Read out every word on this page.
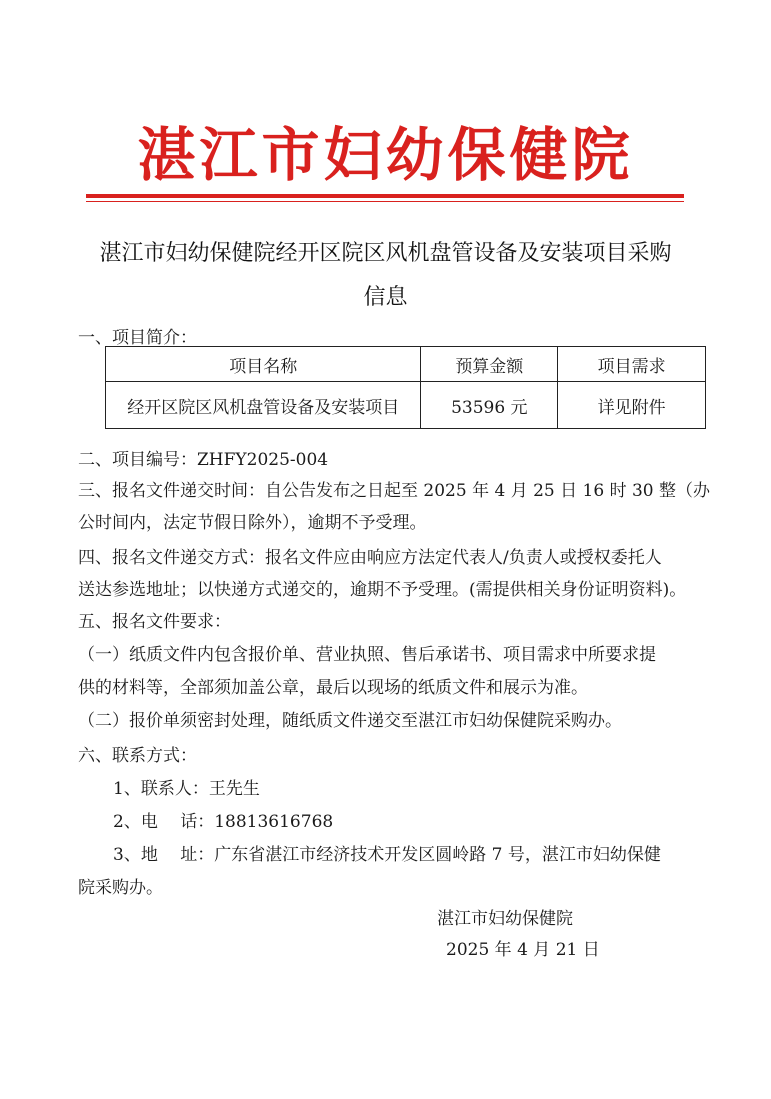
湛江市妇幼保健院
湛江市妇幼保健院经开区院区风机盘管设备及安装项目采购
信息
一、项目简介：
项目名称	预算金额	项目需求
经开区院区风机盘管设备及安装项目	53596 元	详见附件
二、项目编号：ZHFY2025-004
三、报名文件递交时间：自公告发布之日起至 2025 年 4 月 25 日 16 时 30 整（办
公时间内，法定节假日除外），逾期不予受理。
四、报名文件递交方式：报名文件应由响应方法定代表人/负责人或授权委托人
送达参选地址；以快递方式递交的，逾期不予受理。(需提供相关身份证明资料)。
五、报名文件要求：
（一）纸质文件内包含报价单、营业执照、售后承诺书、项目需求中所要求提
供的材料等，全部须加盖公章，最后以现场的纸质文件和展示为准。
（二）报价单须密封处理，随纸质文件递交至湛江市妇幼保健院采购办。
六、联系方式：
1、联系人：王先生
2、电　 话：18813616768
3、地　 址：广东省湛江市经济技术开发区圆岭路 7 号，湛江市妇幼保健
院采购办。
湛江市妇幼保健院
2025 年 4 月 21 日
